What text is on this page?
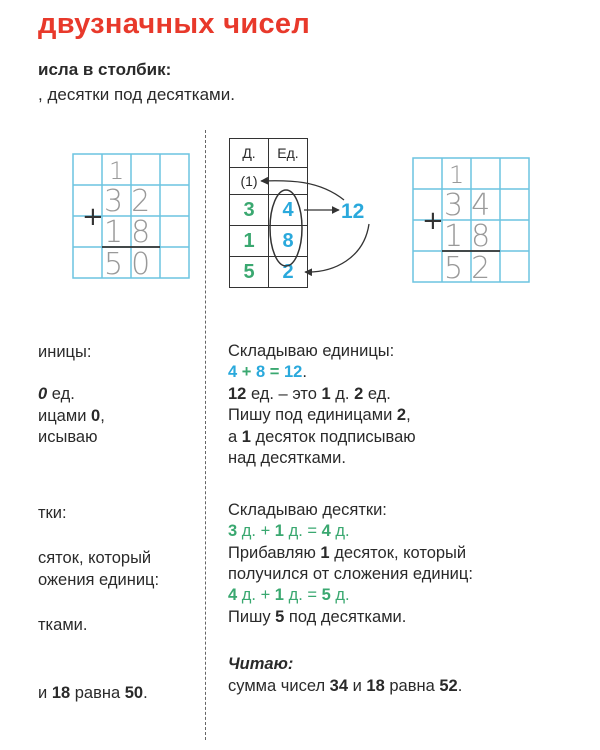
двузначных чисел
исла в столбик:
, десятки под десятками.
+
1
32
18
50
Д.	Ед.
(1)	
3	4
1	8
5	2
12 +
1
34
18
52
иницы:
0 ед.
ицами 0,
исываю
тки:
сяток, который
ожения единиц:
тками.
и 18 равна 50.
Складываю единицы:
4 + 8 = 12.
12 ед. – это 1 д. 2 ед.
Пишу под единицами 2,
а 1 десяток подписываю
над десятками.
Складываю десятки:
3 д. + 1 д. = 4 д.
Прибавляю 1 десяток, который
получился от сложения единиц:
4 д. + 1 д. = 5 д.
Пишу 5 под десятками.
Читаю:
сумма чисел 34 и 18 равна 52.
